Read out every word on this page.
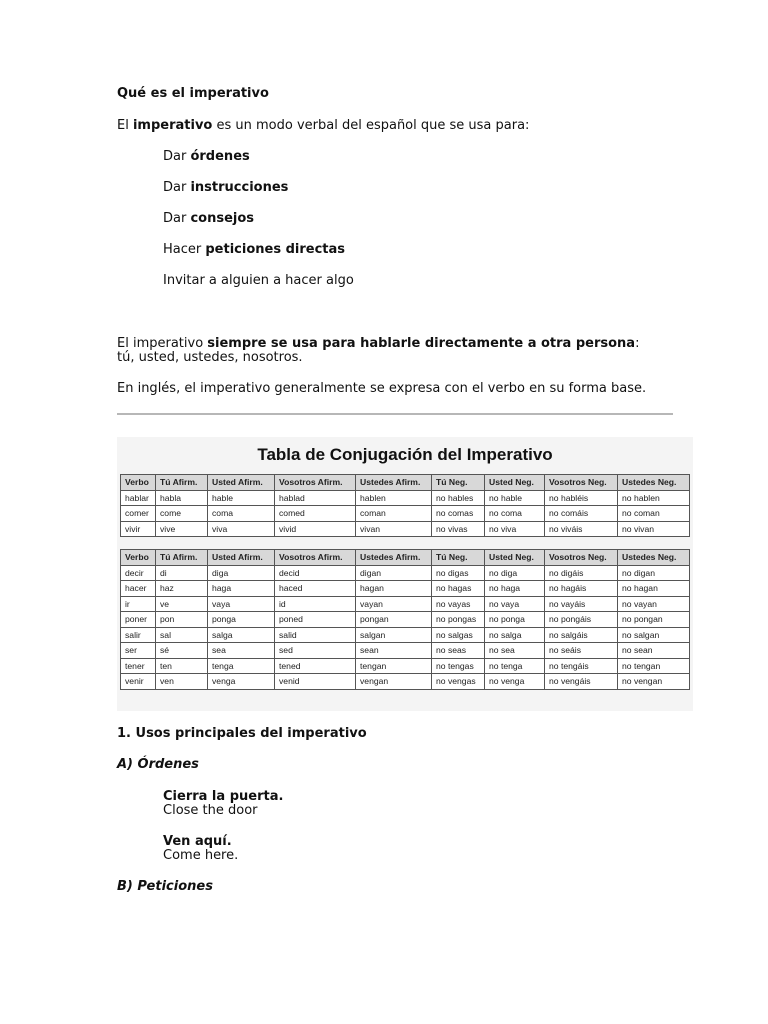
Qué es el imperativo
El imperativo es un modo verbal del español que se usa para:
Dar órdenes
Dar instrucciones
Dar consejos
Hacer peticiones directas
Invitar a alguien a hacer algo
El imperativo siempre se usa para hablarle directamente a otra persona:
tú, usted, ustedes, nosotros.
En inglés, el imperativo generalmente se expresa con el verbo en su forma base.
Tabla de Conjugación del Imperativo
Verbo	Tú Afirm.	Usted Afirm.	Vosotros Afirm.	Ustedes Afirm.	Tú Neg.	Usted Neg.	Vosotros Neg.	Ustedes Neg.
hablar	habla	hable	hablad	hablen	no hables	no hable	no habléis	no hablen
comer	come	coma	comed	coman	no comas	no coma	no comáis	no coman
vivir	vive	viva	vivid	vivan	no vivas	no viva	no viváis	no vivan
Verbo	Tú Afirm.	Usted Afirm.	Vosotros Afirm.	Ustedes Afirm.	Tú Neg.	Usted Neg.	Vosotros Neg.	Ustedes Neg.
decir	di	diga	decid	digan	no digas	no diga	no digáis	no digan
hacer	haz	haga	haced	hagan	no hagas	no haga	no hagáis	no hagan
ir	ve	vaya	id	vayan	no vayas	no vaya	no vayáis	no vayan
poner	pon	ponga	poned	pongan	no pongas	no ponga	no pongáis	no pongan
salir	sal	salga	salid	salgan	no salgas	no salga	no salgáis	no salgan
ser	sé	sea	sed	sean	no seas	no sea	no seáis	no sean
tener	ten	tenga	tened	tengan	no tengas	no tenga	no tengáis	no tengan
venir	ven	venga	venid	vengan	no vengas	no venga	no vengáis	no vengan
1. Usos principales del imperativo
A) Órdenes
Cierra la puerta.
Close the door
Ven aquí.
Come here.
B) Peticiones
